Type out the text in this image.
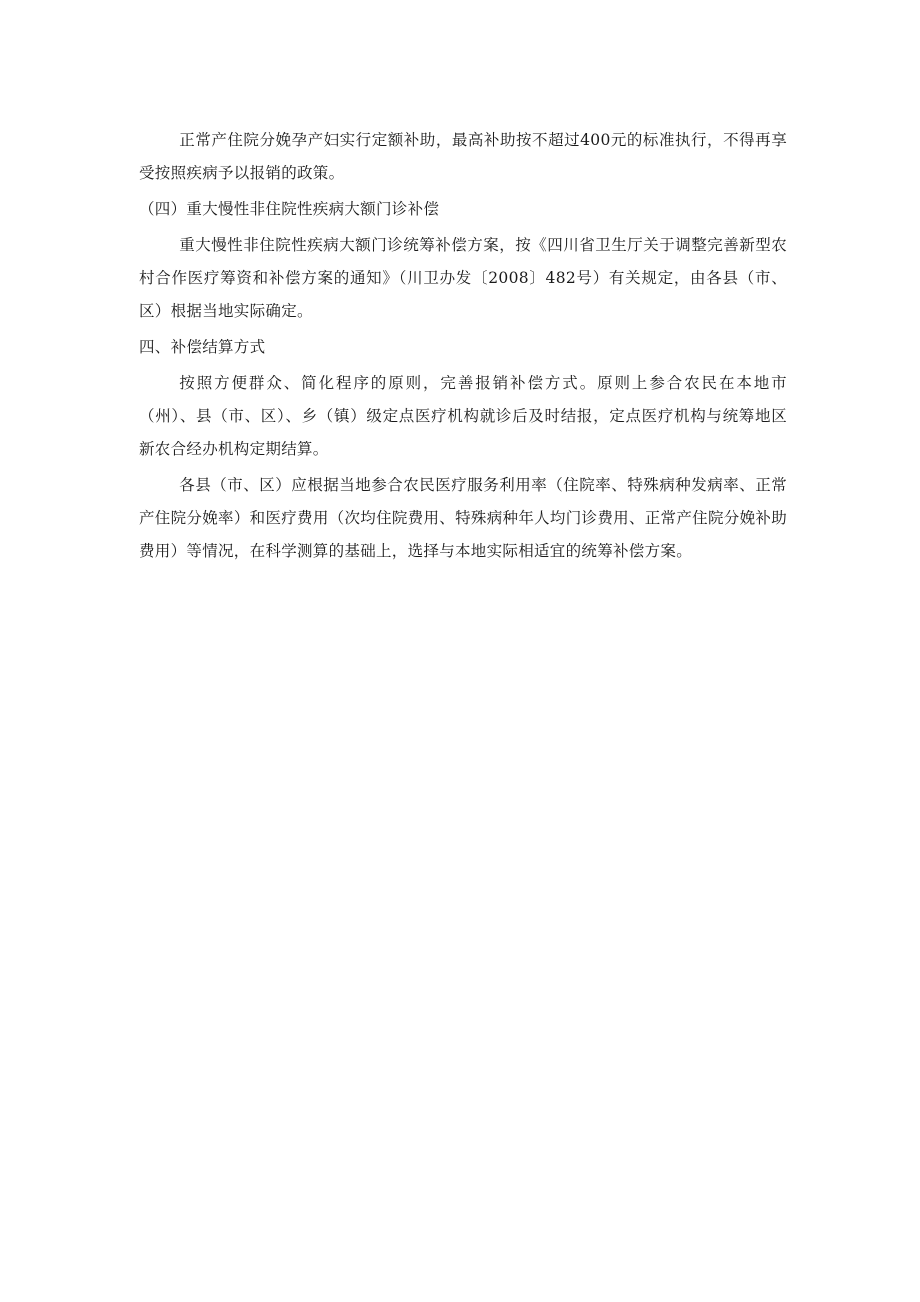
正常产住院分娩孕产妇实行定额补助，最高补助按不超过400元的标准执行，不得再享受按照疾病予以报销的政策。

（四）重大慢性非住院性疾病大额门诊补偿

重大慢性非住院性疾病大额门诊统筹补偿方案，按《四川省卫生厅关于调整完善新型农村合作医疗筹资和补偿方案的通知》（川卫办发〔2008〕482号）有关规定，由各县（市、区）根据当地实际确定。

四、补偿结算方式

按照方便群众、简化程序的原则，完善报销补偿方式。原则上参合农民在本地市（州）、县（市、区）、乡（镇）级定点医疗机构就诊后及时结报，定点医疗机构与统筹地区新农合经办机构定期结算。

各县（市、区）应根据当地参合农民医疗服务利用率（住院率、特殊病种发病率、正常产住院分娩率）和医疗费用（次均住院费用、特殊病种年人均门诊费用、正常产住院分娩补助费用）等情况，在科学测算的基础上，选择与本地实际相适宜的统筹补偿方案。
